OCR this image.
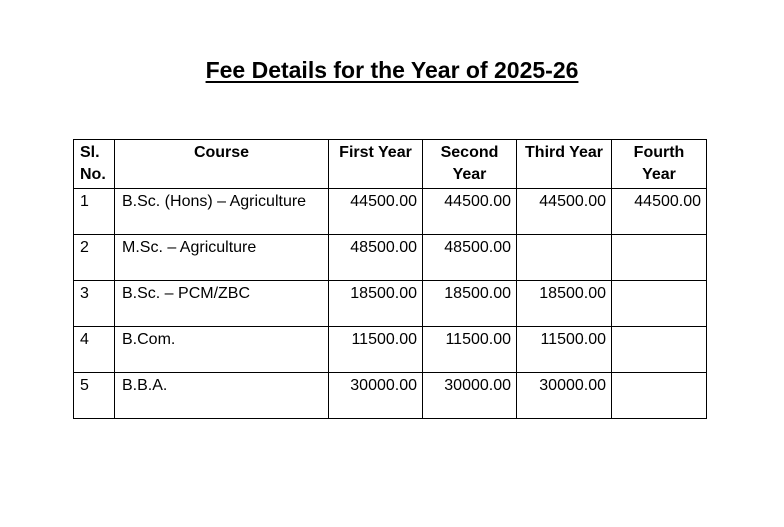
Fee Details for the Year of 2025-26
Sl. No.	Course	First Year	Second Year	Third Year	Fourth Year
1	B.Sc. (Hons) – Agriculture	44500.00	44500.00	44500.00	44500.00
2	M.Sc. – Agriculture	48500.00	48500.00		
3	B.Sc. – PCM/ZBC	18500.00	18500.00	18500.00	
4	B.Com.	11500.00	11500.00	11500.00	
5	B.B.A.	30000.00	30000.00	30000.00	
